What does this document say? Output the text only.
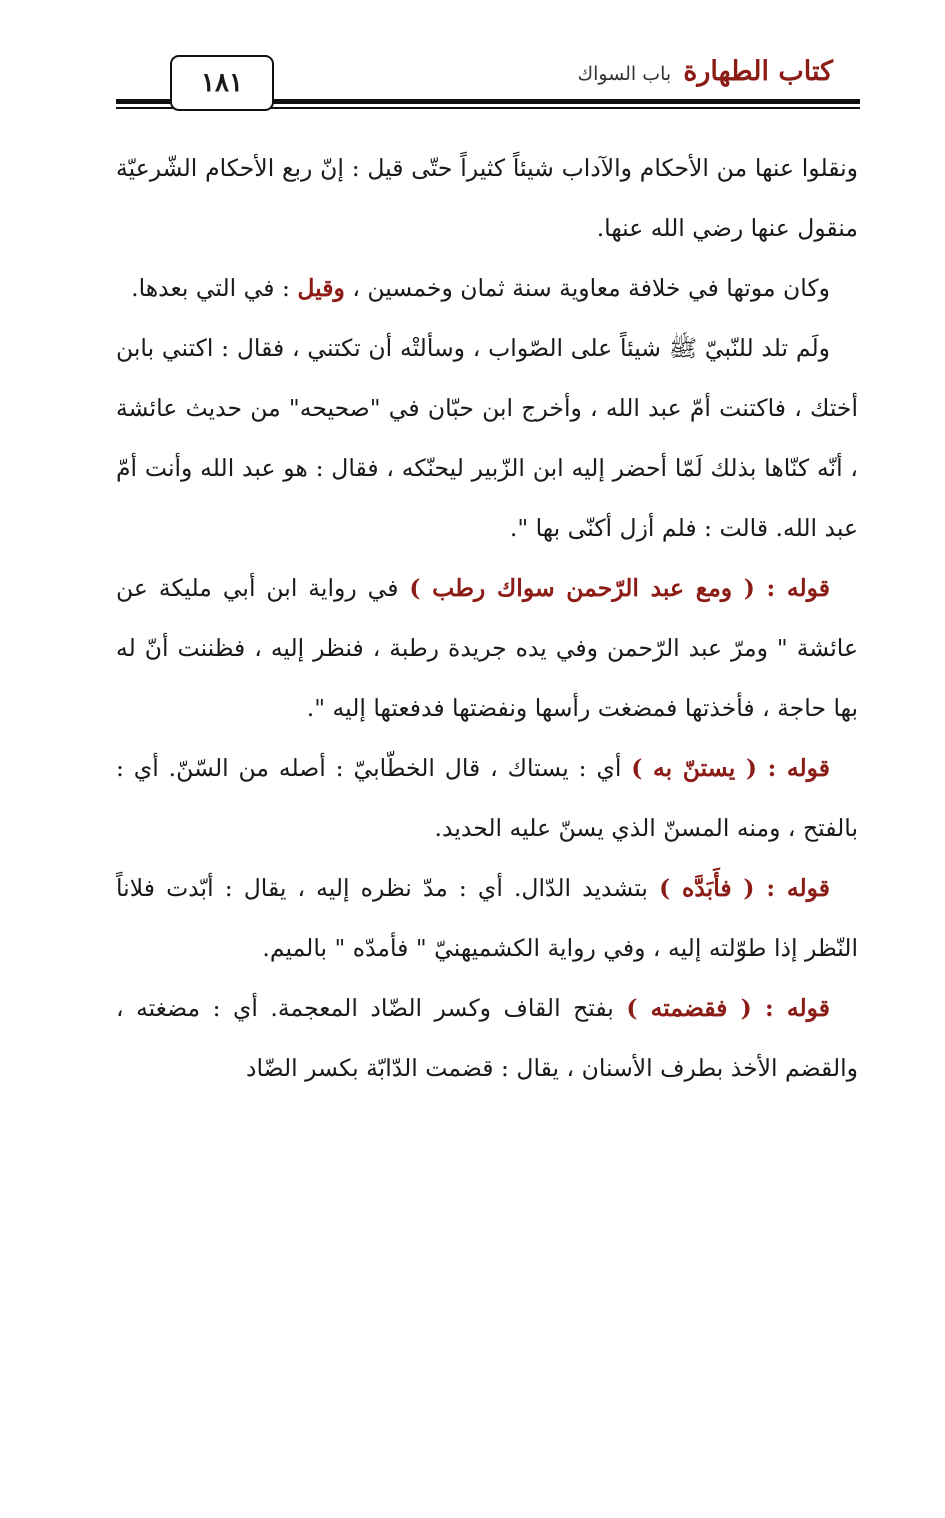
كتاب الطهارةباب السواك
١٨١

ونقلوا عنها من الأحكام والآداب شيئاً كثيراً حتّى قيل : إنّ ربع الأحكام الشّرعيّة منقول عنها رضي الله عنها.

وكان موتها في خلافة معاوية سنة ثمان وخمسين ، وقيل : في التي بعدها.

ولَم تلد للنّبيّ ﷺ شيئاً على الصّواب ، وسألتْه أن تكتني ، فقال : اكتني بابن أختك ، فاكتنت أمّ عبد الله ، وأخرج ابن حبّان في "صحيحه" من حديث عائشة ، أنّه كنّاها بذلك لَمّا أحضر إليه ابن الزّبير ليحنّكه ، فقال : هو عبد الله وأنت أمّ عبد الله. قالت : فلم أزل أكنّى بها ".

قوله : ( ومع عبد الرّحمن سواك رطب ) في رواية ابن أبي مليكة عن عائشة " ومرّ عبد الرّحمن وفي يده جريدة رطبة ، فنظر إليه ، فظننت أنّ له بها حاجة ، فأخذتها فمضغت رأسها ونفضتها فدفعتها إليه ".

قوله : ( يستنّ به ) أي : يستاك ، قال الخطّابيّ : أصله من السّنّ. أي : بالفتح ، ومنه المسنّ الذي يسنّ عليه الحديد.

قوله : ( فأَبَدَّه ) بتشديد الدّال. أي : مدّ نظره إليه ، يقال : أبّدت فلاناً النّظر إذا طوّلته إليه ، وفي رواية الكشميهنيّ " فأمدّه " بالميم.

قوله : ( فقضمته ) بفتح القاف وكسر الضّاد المعجمة. أي : مضغته ، والقضم الأخذ بطرف الأسنان ، يقال : قضمت الدّابّة بكسر الضّاد
